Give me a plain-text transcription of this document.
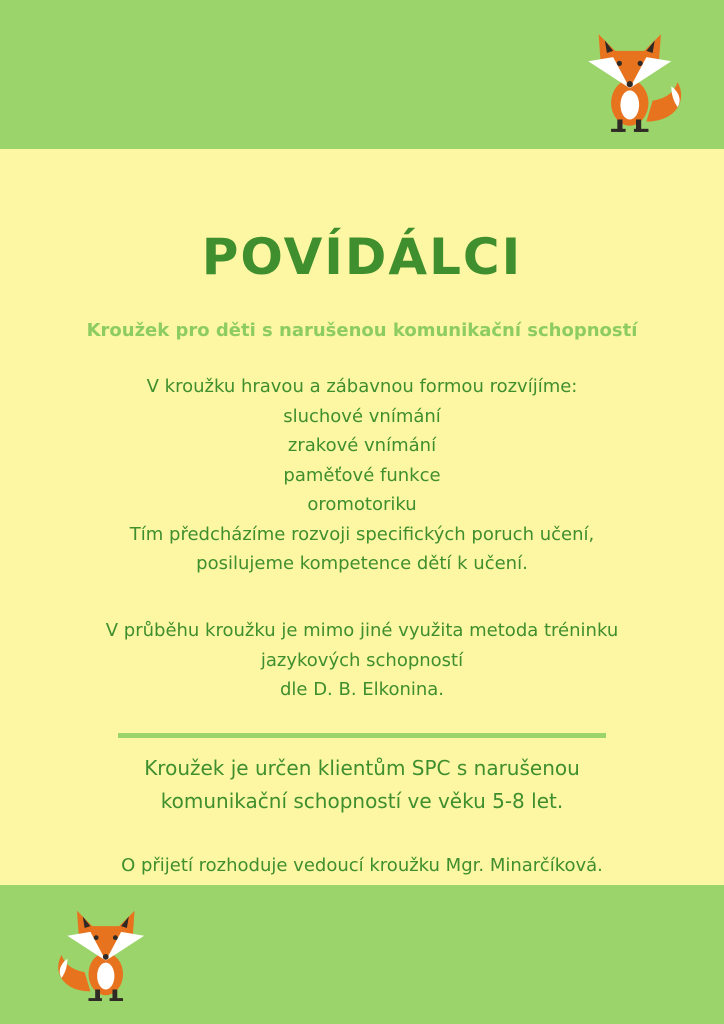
POVÍDÁLCI

Kroužek pro děti s narušenou komunikační schopností

V kroužku hravou a zábavnou formou rozvíjíme:
sluchové vnímání
zrakové vnímání
paměťové funkce
oromotoriku
Tím předcházíme rozvoji specifických poruch učení,
posilujeme kompetence dětí k učení.
V průběhu kroužku je mimo jiné využita metoda tréninku
jazykových schopností
dle D. B. Elkonina.
Kroužek je určen klientům SPC s narušenou
komunikační schopností ve věku 5-8 let.

O přijetí rozhoduje vedoucí kroužku Mgr. Minarčíková.
